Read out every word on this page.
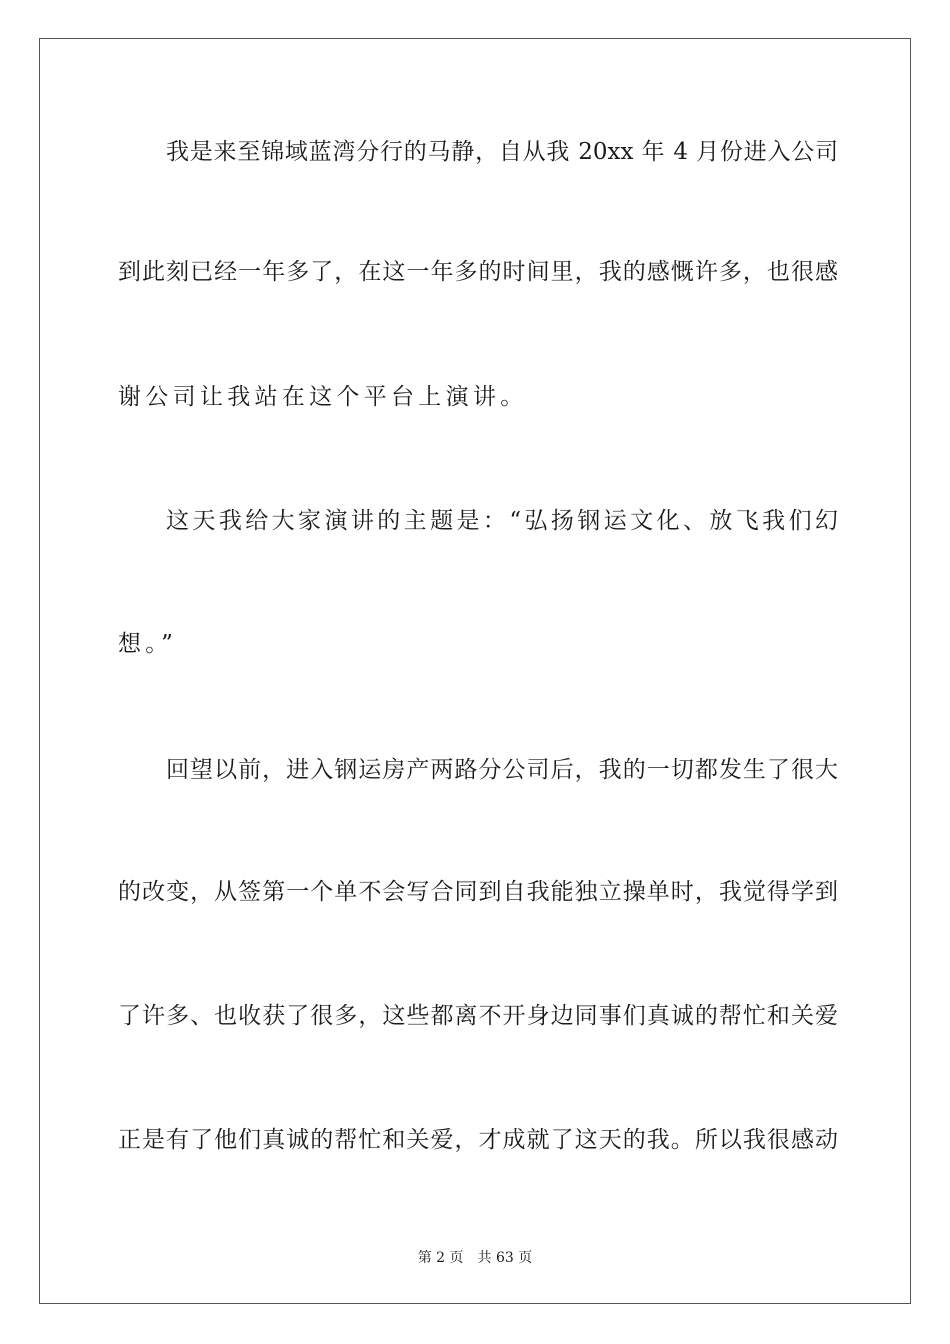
我是来至锦域蓝湾分行的马静，自从我 20xx 年 4 月份进入公司
到此刻已经一年多了，在这一年多的时间里，我的感慨许多，也很感
谢公司让我站在这个平台上演讲。
这天我给大家演讲的主题是：“弘扬钢运文化、放飞我们幻
想。”
回望以前，进入钢运房产两路分公司后，我的一切都发生了很大
的改变，从签第一个单不会写合同到自我能独立操单时，我觉得学到
了许多、也收获了很多，这些都离不开身边同事们真诚的帮忙和关爱
正是有了他们真诚的帮忙和关爱，才成就了这天的我。所以我很感动
第 2 页 共 63 页
